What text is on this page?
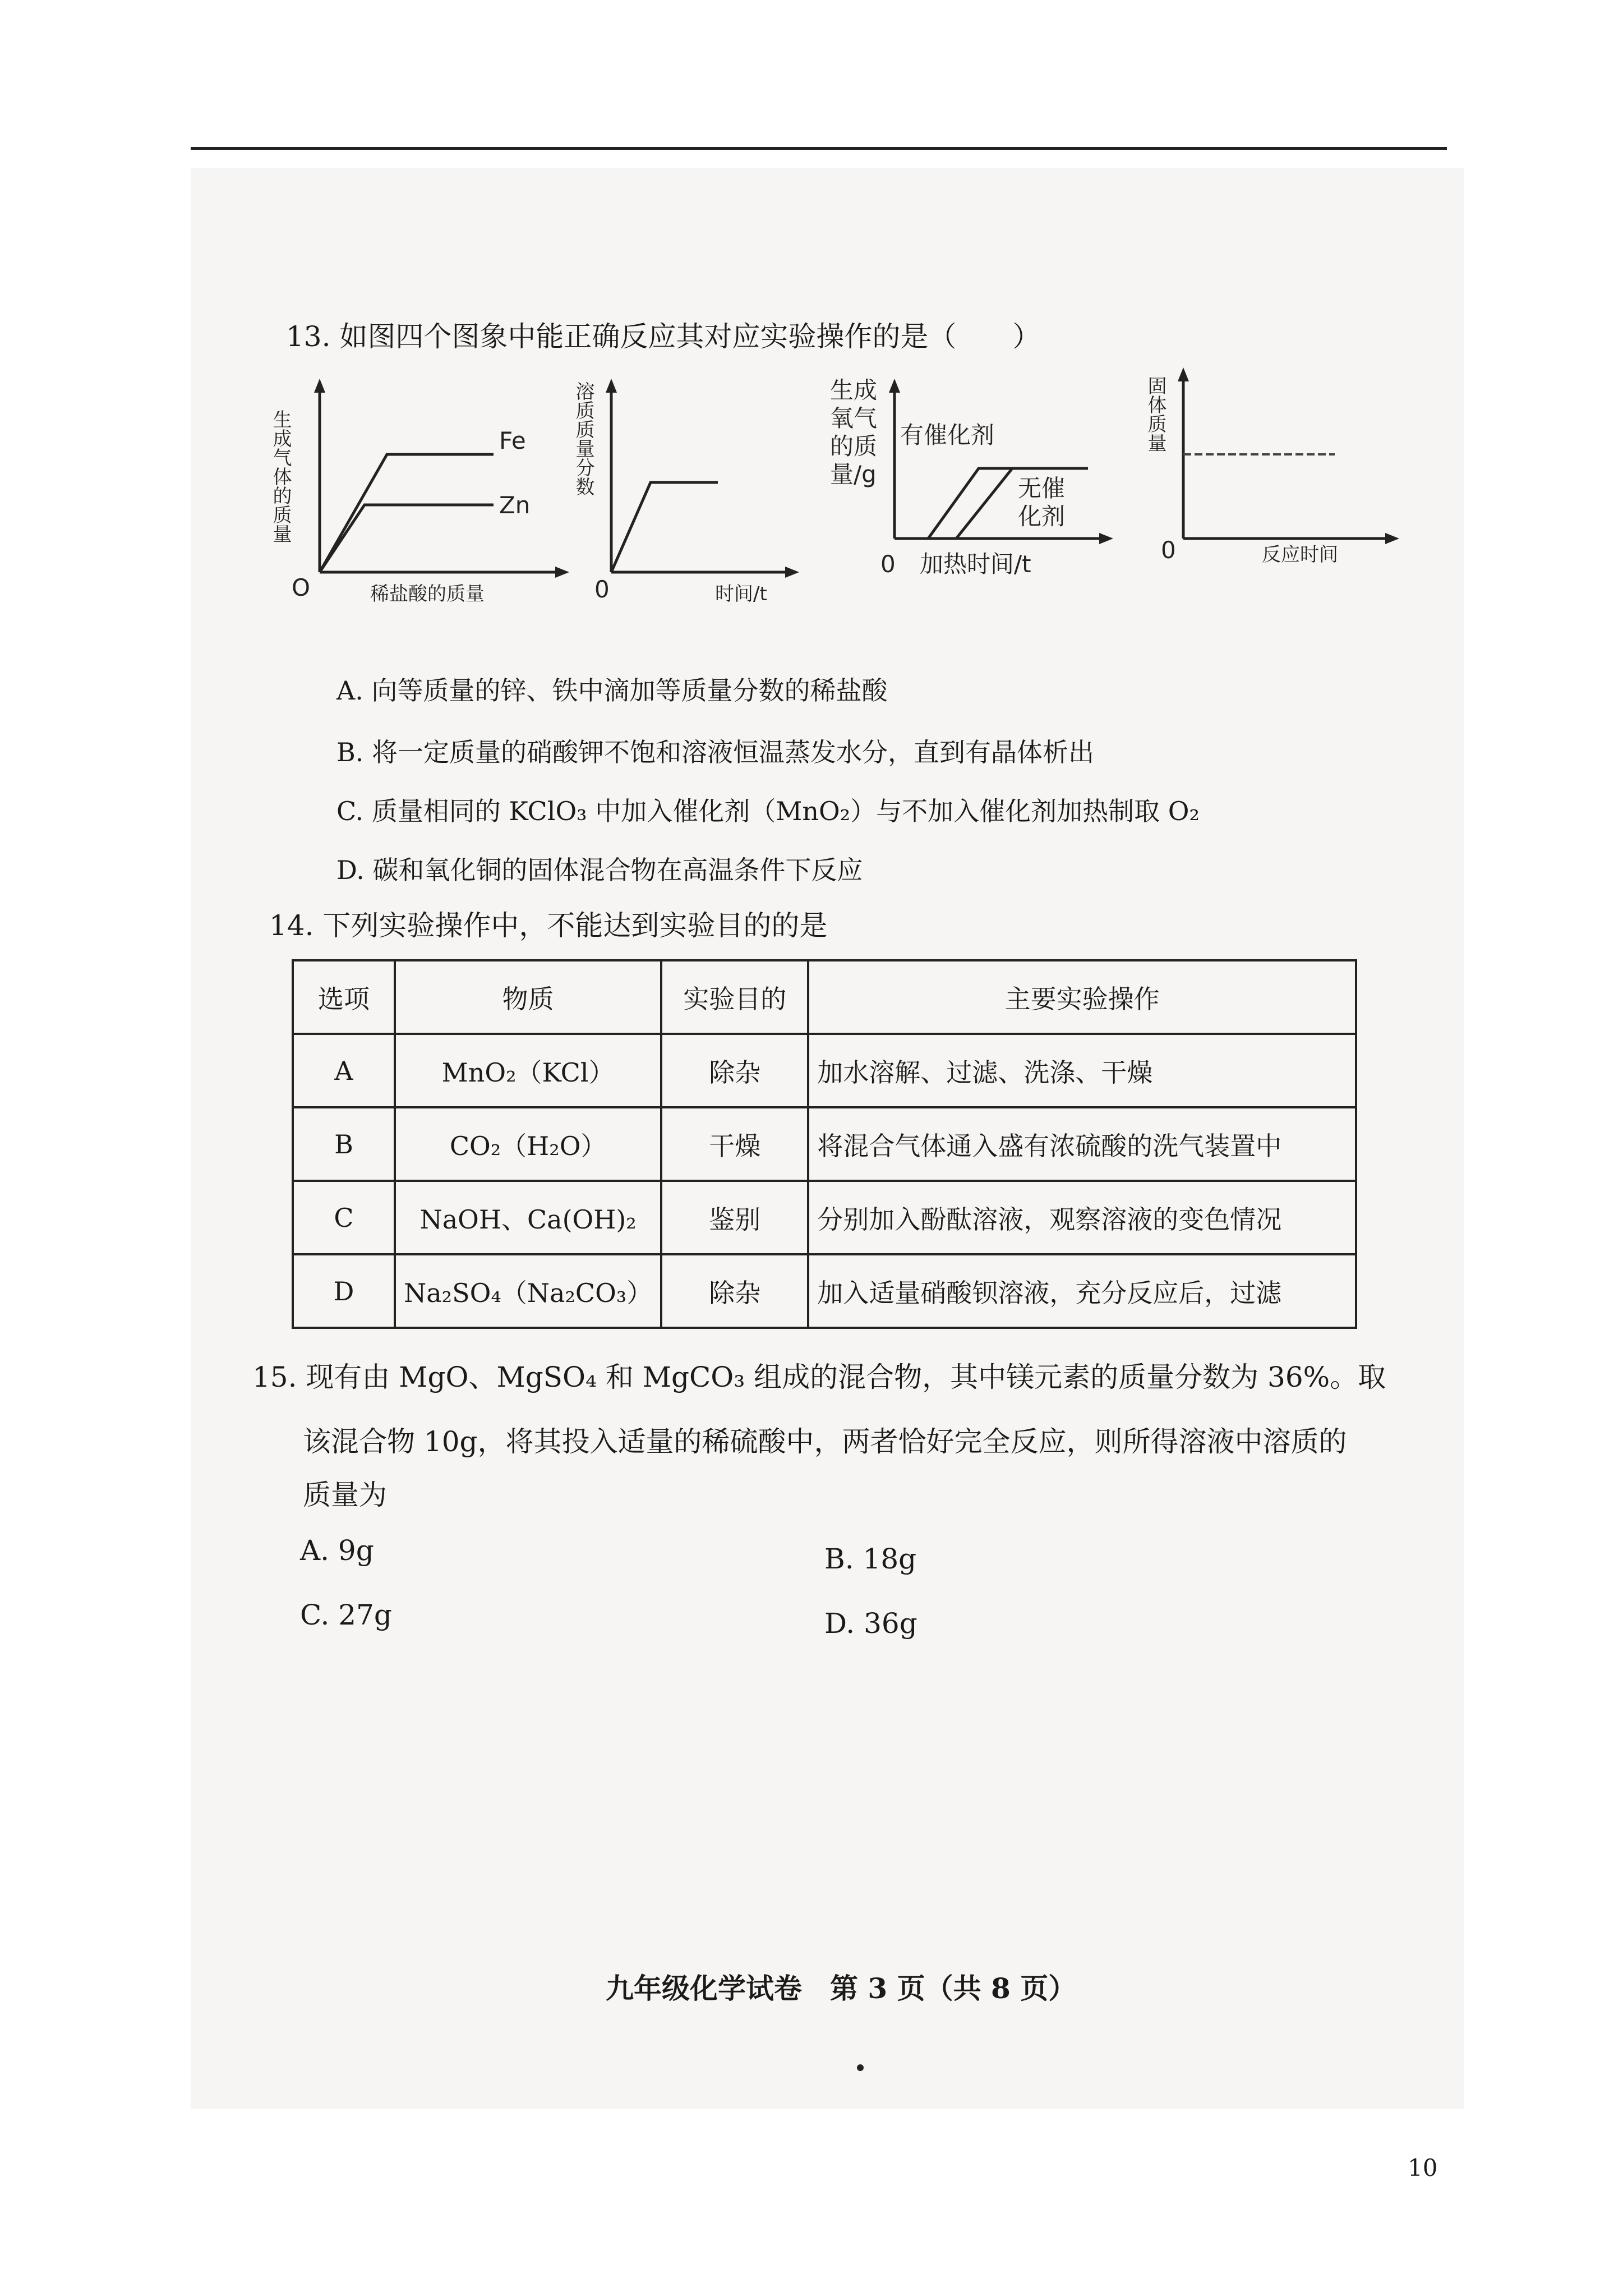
13. 如图四个图象中能正确反应其对应实验操作的是（　　）
Fe
Zn
O	稀盐酸的质量
生成气体的质量
0	时间/t
溶质质量分数	生成
氧气
的质
量/g
有催化剂
无催
化剂
0 加热时间/t
0	反应时间
固体质量
A. 向等质量的锌、铁中滴加等质量分数的稀盐酸
B. 将一定质量的硝酸钾不饱和溶液恒温蒸发水分，直到有晶体析出
C. 质量相同的 KClO₃ 中加入催化剂（MnO₂）与不加入催化剂加热制取 O₂
D. 碳和氧化铜的固体混合物在高温条件下反应
14. 下列实验操作中，不能达到实验目的的是
选项	物质	实验目的	主要实验操作
A	MnO₂（KCl）	除杂	加水溶解、过滤、洗涤、干燥
B	CO₂（H₂O）	干燥	将混合气体通入盛有浓硫酸的洗气装置中
C	NaOH、Ca(OH)₂	鉴别	分别加入酚酞溶液，观察溶液的变色情况
D	Na₂SO₄（Na₂CO₃）	除杂	加入适量硝酸钡溶液，充分反应后，过滤
15. 现有由 MgO、MgSO₄ 和 MgCO₃ 组成的混合物，其中镁元素的质量分数为 36%。取
该混合物 10g，将其投入适量的稀硫酸中，两者恰好完全反应，则所得溶液中溶质的
质量为
A. 9g	B. 18g
C. 27g	D. 36g
九年级化学试卷　第 3 页（共 8 页）
10
